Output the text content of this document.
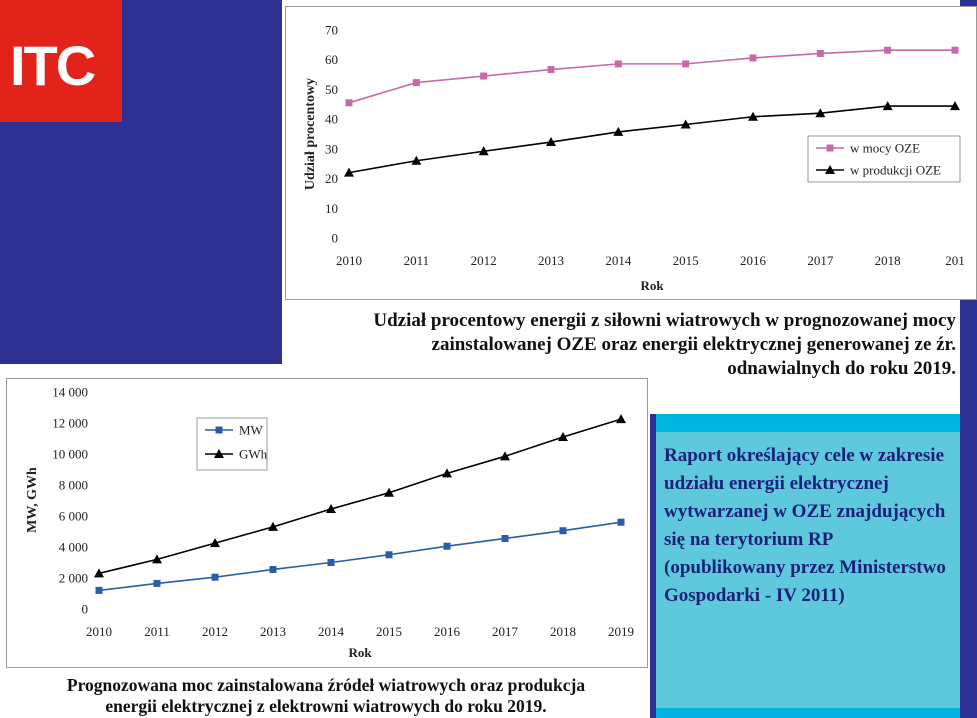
ITC
0
10
20
30
40
50
60
70
2010	2011	2012	2013	2014	2015	2016	2017	2018	201
Rok
Udział procentowy	w mocy OZE
w produkcji OZE
0
2 000
4 000
6 000
8 000
10 000
12 000
14 000
2010 2011 2012 2013 2014 2015 2016 2017 2018 2019
Rok
MW, GWh
MW
GWh
Udział procentowy energii z siłowni wiatrowych w prognozowanej mocy
zainstalowanej OZE oraz energii elektrycznej generowanej ze źr.
odnawialnych do roku 2019.
Prognozowana moc zainstalowana źródeł wiatrowych oraz produkcja
energii elektrycznej z elektrowni wiatrowych do roku 2019.
Raport określający cele w zakresie udziału energii elektrycznej wytwarzanej w OZE znajdujących się na terytorium RP (opublikowany przez Ministerstwo Gospodarki - IV 2011)
